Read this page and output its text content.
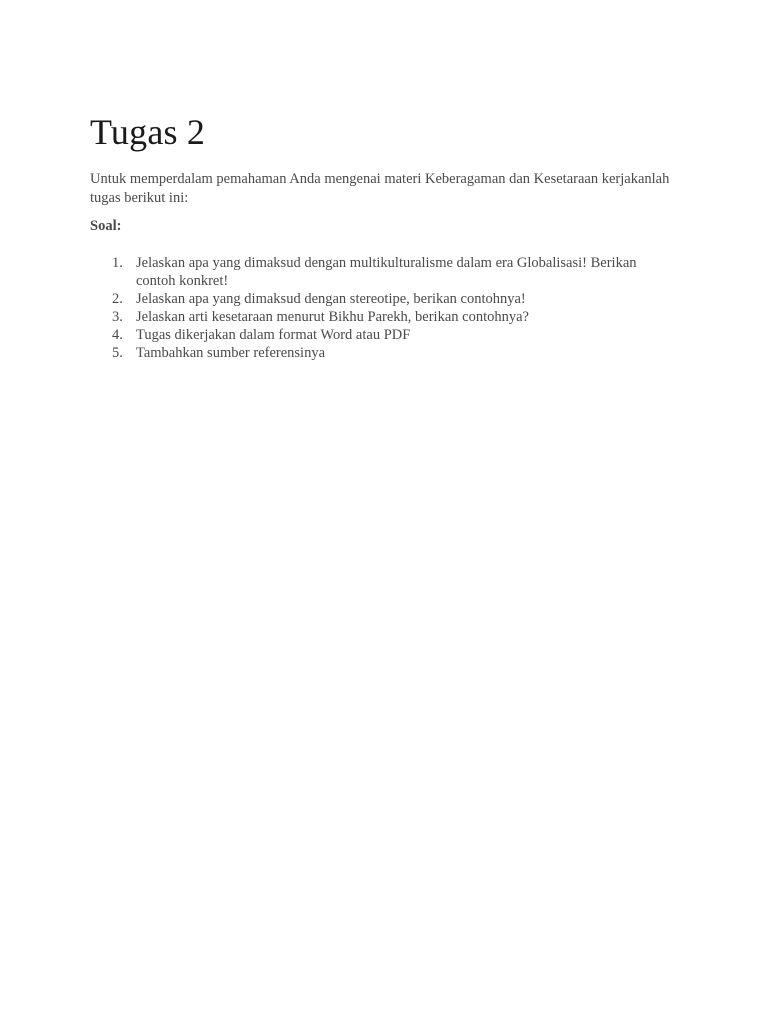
Tugas 2

Untuk memperdalam pemahaman Anda mengenai materi Keberagaman dan Kesetaraan kerjakanlah tugas berikut ini:

Soal:

1. Jelaskan apa yang dimaksud dengan multikulturalisme dalam era Globalisasi! Berikan contoh konkret!
2. Jelaskan apa yang dimaksud dengan stereotipe, berikan contohnya!
3. Jelaskan arti kesetaraan menurut Bikhu Parekh, berikan contohnya?
4. Tugas dikerjakan dalam format Word atau PDF
5. Tambahkan sumber referensinya
